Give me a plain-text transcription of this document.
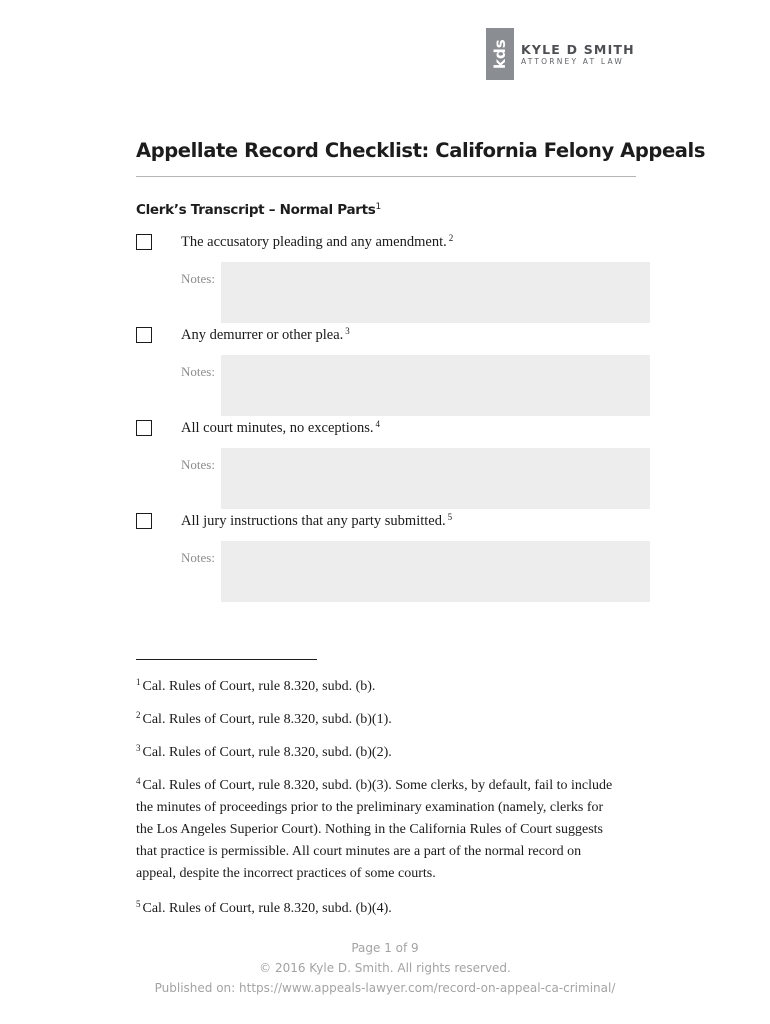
kds KYLE D SMITH
ATTORNEY AT LAW
Appellate Record Checklist: California Felony Appeals
Clerk’s Transcript – Normal Parts$^1$
The accusatory pleading and any amendment. $^2$
Notes:
Any demurrer or other plea. $^3$
Notes:
All court minutes, no exceptions. $^4$
Notes:
All jury instructions that any party submitted. $^5$
Notes:

$^1$ Cal. Rules of Court, rule 8.320, subd. (b).

$^2$ Cal. Rules of Court, rule 8.320, subd. (b)(1).

$^3$ Cal. Rules of Court, rule 8.320, subd. (b)(2).

$^4$ Cal. Rules of Court, rule 8.320, subd. (b)(3). Some clerks, by default, fail to include the minutes of proceedings prior to the preliminary examination (namely, clerks for the Los Angeles Superior Court). Nothing in the California Rules of Court suggests that practice is permissible. All court minutes are a part of the normal record on appeal, despite the incorrect practices of some courts.

$^5$ Cal. Rules of Court, rule 8.320, subd. (b)(4).

Page 1 of 9
© 2016 Kyle D. Smith. All rights reserved.
Published on: https://www.appeals-lawyer.com/record-on-appeal-ca-criminal/
